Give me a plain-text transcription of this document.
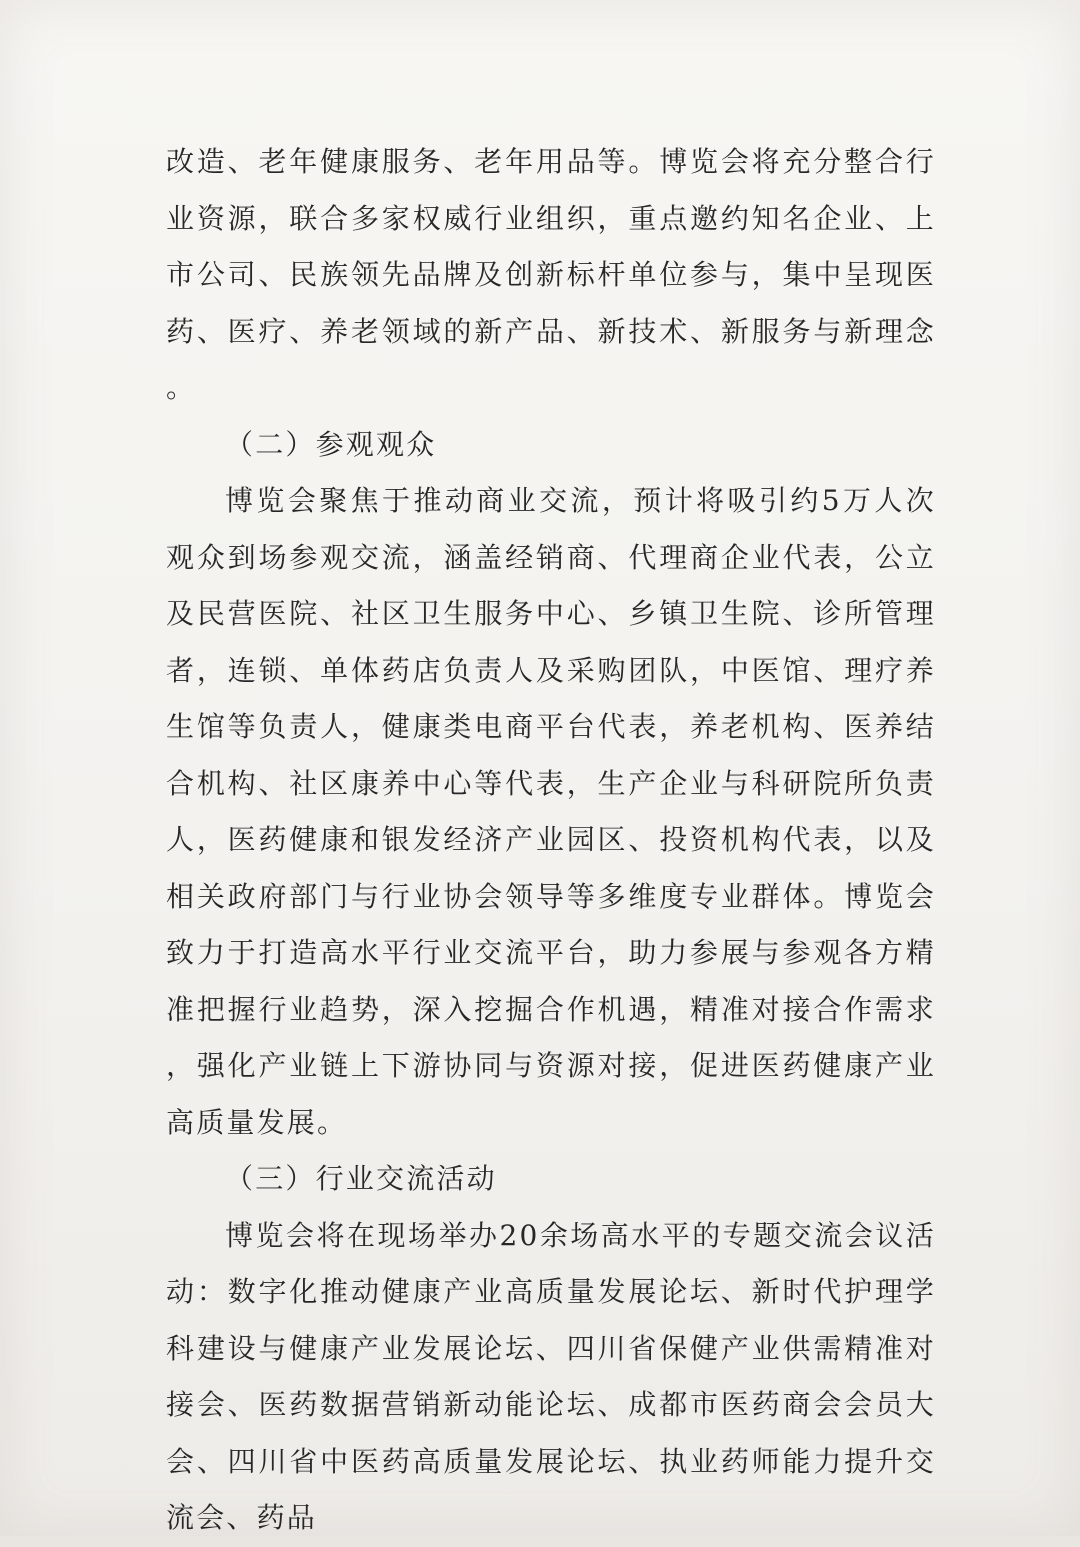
改造、老年健康服务、老年用品等。博览会将充分整合行业资源，联合多家权威行业组织，重点邀约知名企业、上市公司、民族领先品牌及创新标杆单位参与，集中呈现医药、医疗、养老领域的新产品、新技术、新服务与新理念。

（二）参观观众

博览会聚焦于推动商业交流，预计将吸引约5万人次观众到场参观交流，涵盖经销商、代理商企业代表，公立及民营医院、社区卫生服务中心、乡镇卫生院、诊所管理者，连锁、单体药店负责人及采购团队，中医馆、理疗养生馆等负责人，健康类电商平台代表，养老机构、医养结合机构、社区康养中心等代表，生产企业与科研院所负责人，医药健康和银发经济产业园区、投资机构代表，以及相关政府部门与行业协会领导等多维度专业群体。博览会致力于打造高水平行业交流平台，助力参展与参观各方精准把握行业趋势，深入挖掘合作机遇，精准对接合作需求，强化产业链上下游协同与资源对接，促进医药健康产业高质量发展。

（三）行业交流活动

博览会将在现场举办20余场高水平的专题交流会议活动：数字化推动健康产业高质量发展论坛、新时代护理学科建设与健康产业发展论坛、四川省保健产业供需精准对接会、医药数据营销新动能论坛、成都市医药商会会员大会、四川省中医药高质量发展论坛、执业药师能力提升交流会、药品
